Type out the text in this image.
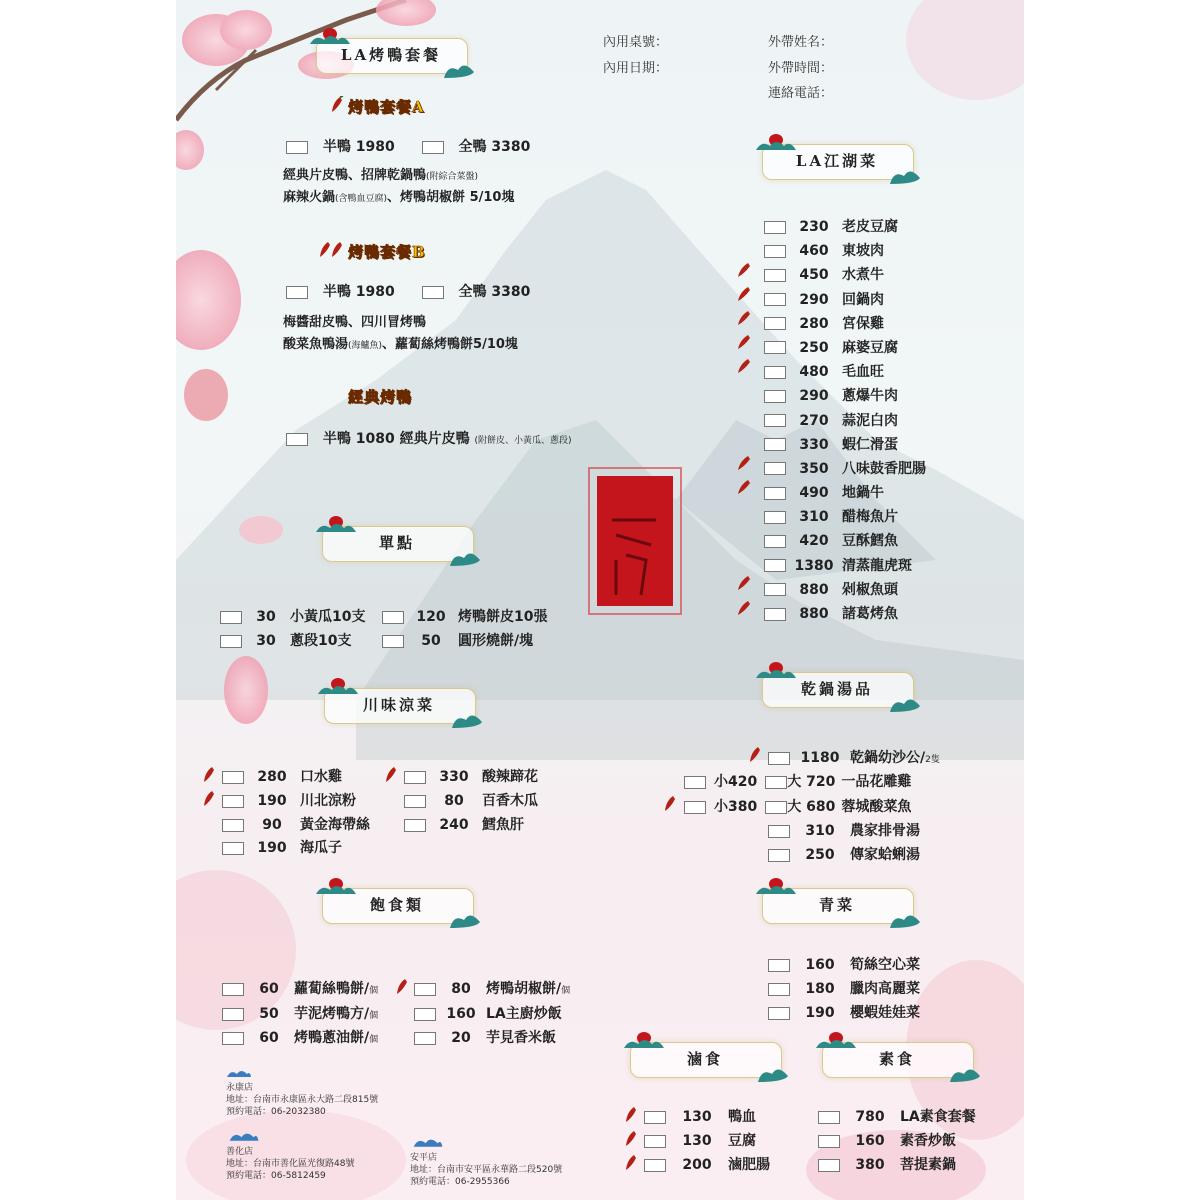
內用桌號：
內用日期：
外帶姓名：
外帶時間：
連絡電話：
LA烤鴨套餐
烤鴨套餐A
半鴨 1980	全鴨 3380
經典片皮鴨、招牌乾鍋鴨(附綜合菜盤)
麻辣火鍋(含鴨血豆腐)、烤鴨胡椒餅 5/10塊
烤鴨套餐B
半鴨 1980	全鴨 3380
梅醬甜皮鴨、四川冒烤鴨
酸菜魚鴨湯(海鱸魚)、蘿蔔絲烤鴨餅5/10塊
經典烤鴨
半鴨 1080 經典片皮鴨 (附餅皮、小黃瓜、蔥段)
單點
30 小黃瓜10支	120 烤鴨餅皮10張
30 蔥段10支	50 圓形燒餅/塊
川味涼菜
280 口水雞	330 酸辣蹄花
190 川北涼粉	80 百香木瓜
90 黃金海帶絲	240 鱈魚肝
190 海瓜子
飽食類
60 蘿蔔絲鴨餅/個	80 烤鴨胡椒餅/個
50 芋泥烤鴨方/個	160 LA主廚炒飯
60 烤鴨蔥油餅/個	20 芋見香米飯

永康店
地址：台南市永康區永大路二段815號
預約電話：06-2032380

善化店
地址：台南市善化區光復路48號
預約電話：06-5812459

安平店
地址：台南市安平區永華路二段520號
預約電話：06-2955366
LA江湖菜
230 老皮豆腐
460 東坡肉
450 水煮牛
290 回鍋肉
280 宮保雞
250 麻婆豆腐
480 毛血旺
290 蔥爆牛肉
270 蒜泥白肉
330 蝦仁滑蛋
350 八味鼓香肥腸
490 地鍋牛
310 醋梅魚片
420 豆酥鱈魚
1380 清蒸龍虎斑
880 剁椒魚頭
880 諸葛烤魚
乾鍋湯品
1180 乾鍋幼沙公/2隻
小420 大 720 一品花雕雞
小380 大 680 蓉城酸菜魚
310 農家排骨湯
250 傳家蛤蜊湯
青菜
160 筍絲空心菜
180 臘肉高麗菜
190 櫻蝦娃娃菜
滷食
130 鴨血
130 豆腐
200 滷肥腸
素食
780 LA素食套餐
160 素香炒飯
380 菩提素鍋
